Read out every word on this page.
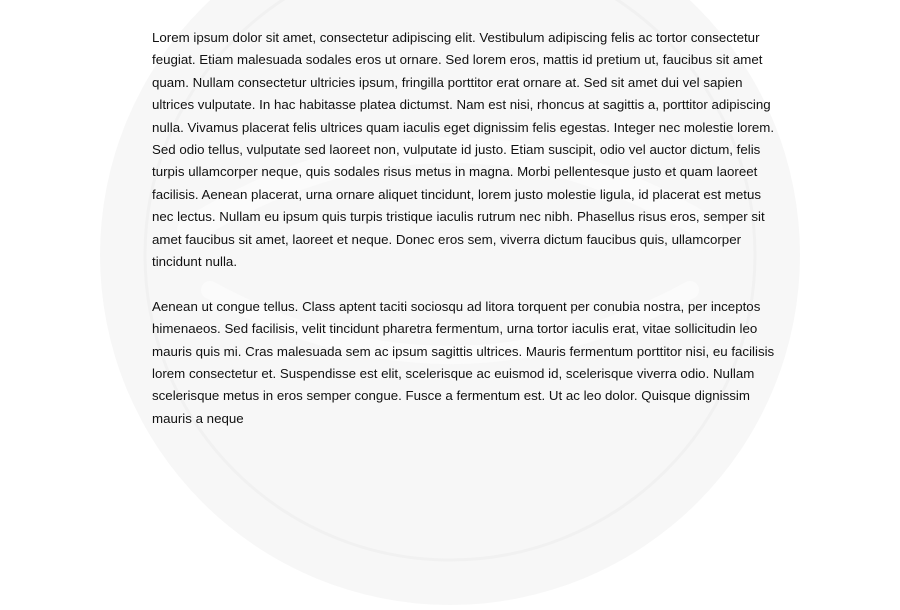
Lorem ipsum dolor sit amet, consectetur adipiscing elit. Vestibulum adipiscing felis ac tortor consectetur feugiat. Etiam malesuada sodales eros ut ornare. Sed lorem eros, mattis id pretium ut, faucibus sit amet quam. Nullam consectetur ultricies ipsum, fringilla porttitor erat ornare at. Sed sit amet dui vel sapien ultrices vulputate. In hac habitasse platea dictumst. Nam est nisi, rhoncus at sagittis a, porttitor adipiscing nulla. Vivamus placerat felis ultrices quam iaculis eget dignissim felis egestas. Integer nec molestie lorem. Sed odio tellus, vulputate sed laoreet non, vulputate id justo. Etiam suscipit, odio vel auctor dictum, felis turpis ullamcorper neque, quis sodales risus metus in magna. Morbi pellentesque justo et quam laoreet facilisis. Aenean placerat, urna ornare aliquet tincidunt, lorem justo molestie ligula, id placerat est metus nec lectus. Nullam eu ipsum quis turpis tristique iaculis rutrum nec nibh. Phasellus risus eros, semper sit amet faucibus sit amet, laoreet et neque. Donec eros sem, viverra dictum faucibus quis, ullamcorper tincidunt nulla.

Aenean ut congue tellus. Class aptent taciti sociosqu ad litora torquent per conubia nostra, per inceptos himenaeos. Sed facilisis, velit tincidunt pharetra fermentum, urna tortor iaculis erat, vitae sollicitudin leo mauris quis mi. Cras malesuada sem ac ipsum sagittis ultrices. Mauris fermentum porttitor nisi, eu facilisis lorem consectetur et. Suspendisse est elit, scelerisque ac euismod id, scelerisque viverra odio. Nullam scelerisque metus in eros semper congue. Fusce a fermentum est. Ut ac leo dolor. Quisque dignissim mauris a neque
